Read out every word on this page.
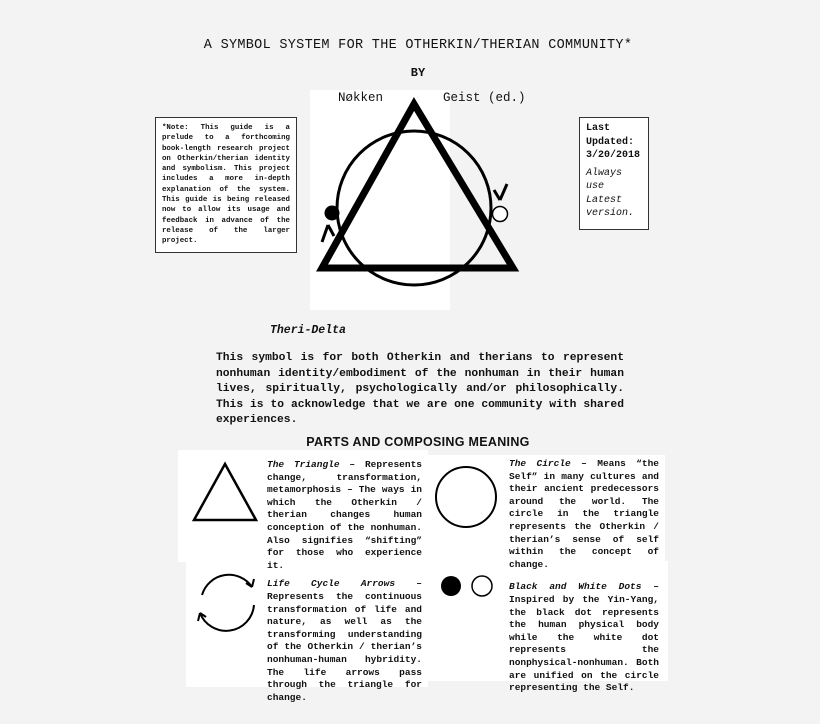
A SYMBOL SYSTEM FOR THE OTHERKIN/THERIAN COMMUNITY*
BY
Nøkken	Geist (ed.)
*Note: This guide is a prelude to a forthcoming book-length research project on Otherkin/therian identity and symbolism. This project includes a more in-depth explanation of the system. This guide is being released now to allow its usage and feedback in advance of the release of the larger project.
Last Updated:
3/20/2018
Always use Latest version.
Theri-Delta
This symbol is for both Otherkin and therians to represent nonhuman identity/embodiment of the nonhuman in their human lives, spiritually, psychologically and/or philosophically. This is to acknowledge that we are one community with shared experiences.
PARTS AND COMPOSING MEANING
The Triangle – Represents change, transformation, metamorphosis – The ways in which the Otherkin / therian changes human conception of the nonhuman. Also signifies “shifting” for those who experience it.
Life Cycle Arrows – Represents the continuous transformation of life and nature, as well as the transforming understanding of the Otherkin / therian’s nonhuman-human hybridity. The life arrows pass through the triangle for change.
The Circle – Means “the Self” in many cultures and their ancient predecessors around the world. The circle in the triangle represents the Otherkin / therian’s sense of self within the concept of change.
Black and White Dots – Inspired by the Yin-Yang, the black dot represents the human physical body while the white dot represents the nonphysical-nonhuman. Both are unified on the circle representing the Self.
